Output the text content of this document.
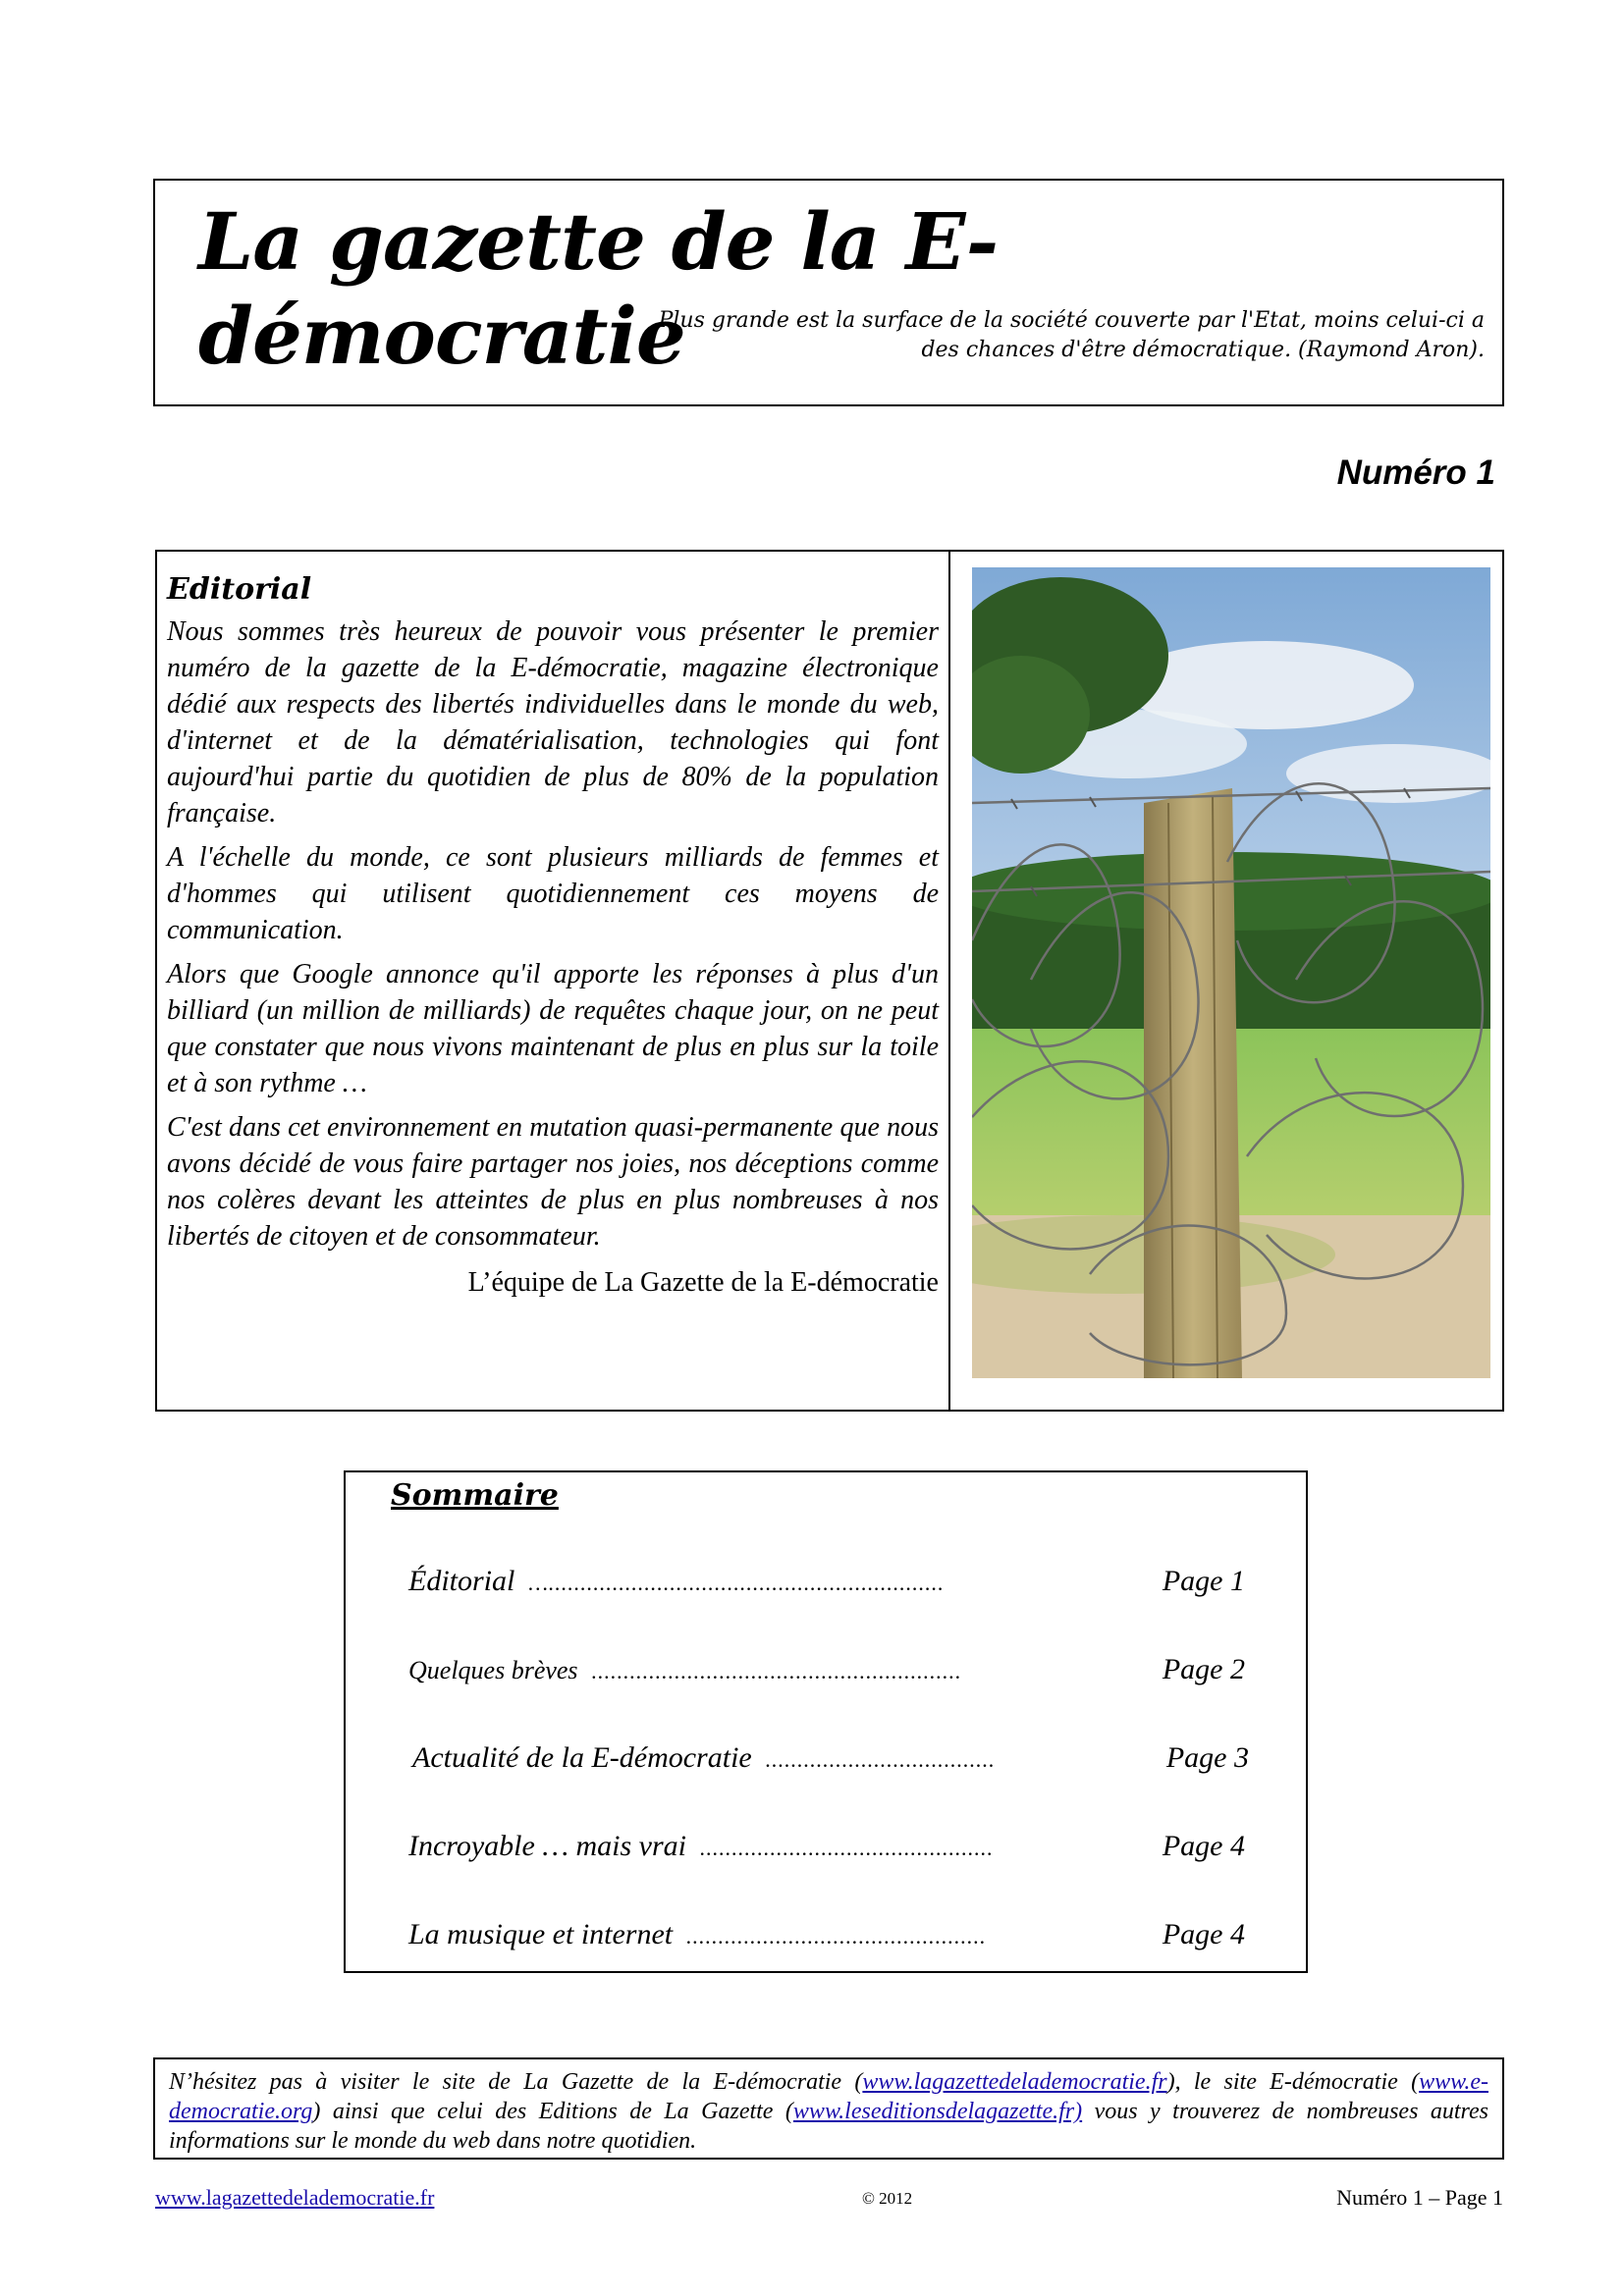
La gazette de la E-démocratie
Plus grande est la surface de la société couverte par l'Etat, moins celui-ci a
des chances d'être démocratique. (Raymond Aron).
Numéro 1
Editorial

Nous sommes très heureux de pouvoir vous présenter le premier numéro de la gazette de la E-démocratie, magazine électronique dédié aux respects des libertés individuelles dans le monde du web, d'internet et de la dématérialisation, technologies qui font aujourd'hui partie du quotidien de plus de 80% de la population française.

A l'échelle du monde, ce sont plusieurs milliards de femmes et d'hommes qui utilisent quotidiennement ces moyens de communication.

Alors que Google annonce qu'il apporte les réponses à plus d'un billiard (un million de milliards) de requêtes chaque jour, on ne peut que constater que nous vivons maintenant de plus en plus sur la toile et à son rythme …

C'est dans cet environnement en mutation quasi-permanente que nous avons décidé de vous faire partager nos joies, nos déceptions comme nos colères devant les atteintes de plus en plus nombreuses à nos libertés de citoyen et de consommateur.

L’équipe de La Gazette de la E-démocratie
Sommaire
Éditorial …..............................................................	Page 1
Quelques brèves ..........................................................	Page 2
Actualité de la E-démocratie ....................................	Page 3
Incroyable … mais vrai ..............................................	Page 4
La musique et internet ...............................................	Page 4
N’hésitez pas à visiter le site de La Gazette de la E-démocratie (www.lagazettedelademocratie.fr), le site E-démocratie (www.e-democratie.org) ainsi que celui des Editions de La Gazette (www.leseditionsdelagazette.fr) vous y trouverez de nombreuses autres informations sur le monde du web dans notre quotidien.
www.lagazettedelademocratie.fr	© 2012	Numéro 1 – Page 1
